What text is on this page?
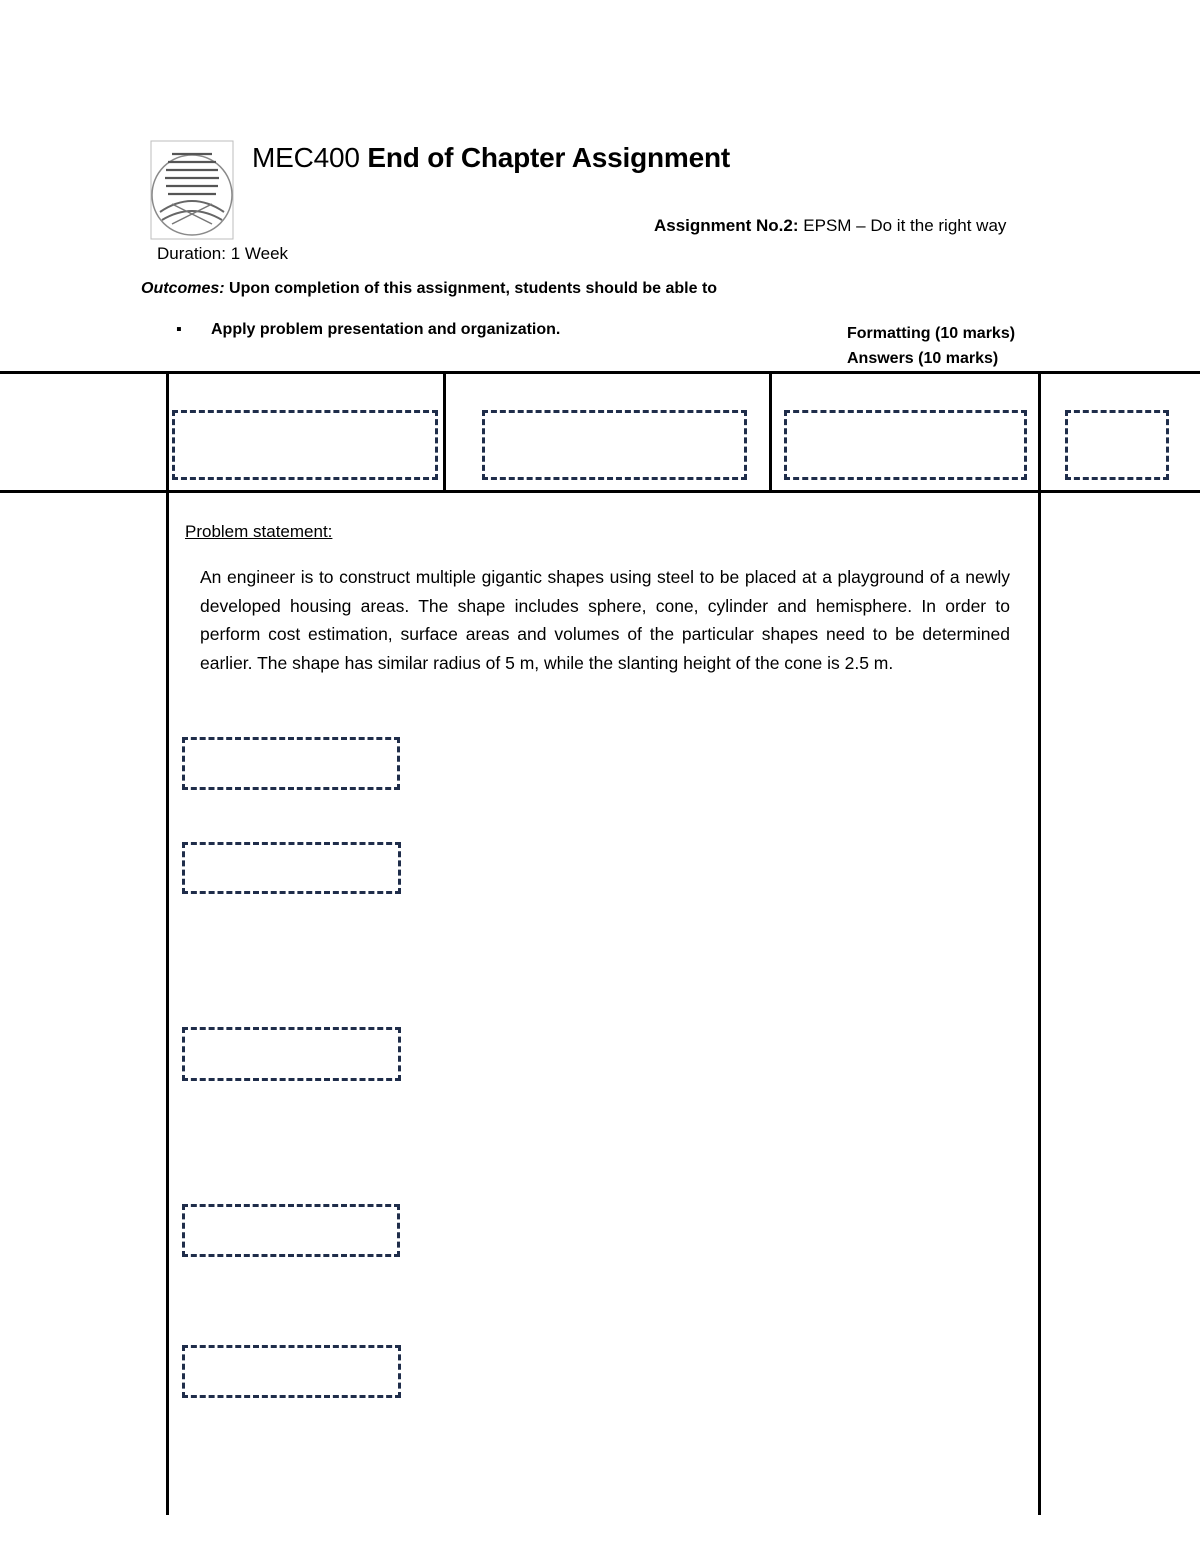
MEC400 End of Chapter Assignment
Assignment No.2: EPSM – Do it the right way
Duration: 1 Week
Outcomes: Upon completion of this assignment, students should be able to
▪ Apply problem presentation and organization.	Formatting (10 marks)
Answers (10 marks)
Problem statement:
An engineer is to construct multiple gigantic shapes using steel to be placed at a playground of a newly developed housing areas. The shape includes sphere, cone, cylinder and hemisphere. In order to perform cost estimation, surface areas and volumes of the particular shapes need to be determined earlier. The shape has similar radius of 5 m, while the slanting height of the cone is 2.5 m.
